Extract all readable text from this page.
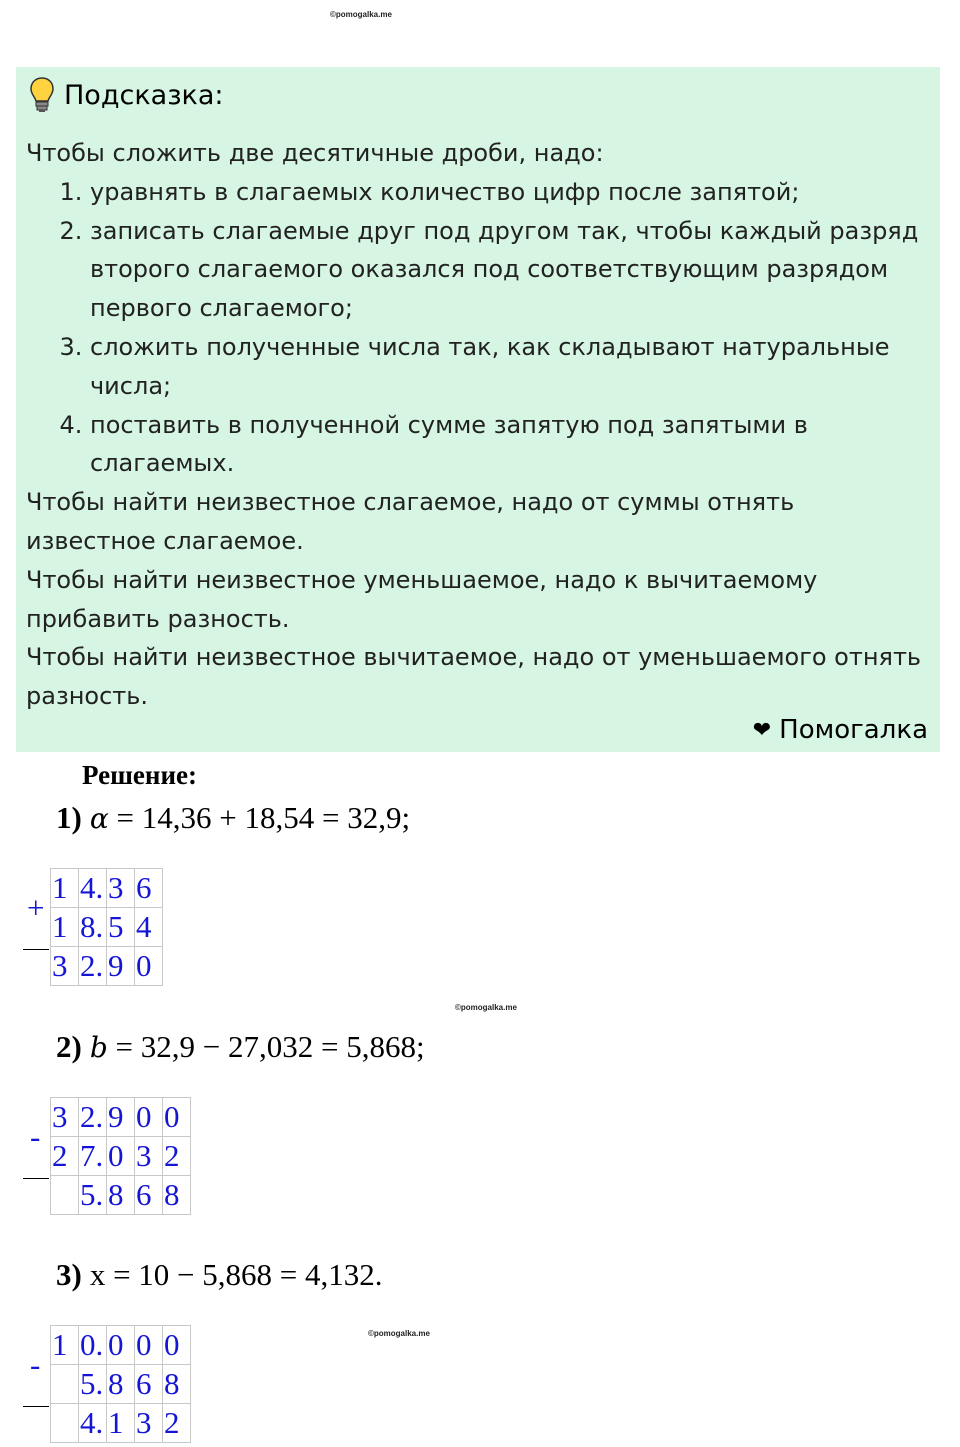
©pomogalka.me
Подсказка:

Чтобы сложить две десятичные дроби, надо:

1. уравнять в слагаемых количество цифр после запятой;
2. записать слагаемые друг под другом так, чтобы каждый разряд второго слагаемого оказался под соответствующим разрядом первого слагаемого;
3. сложить полученные числа так, как складывают натуральные числа;
4. поставить в полученной сумме запятую под запятыми в слагаемых.

Чтобы найти неизвестное слагаемое, надо от суммы отнять известное слагаемое.

Чтобы найти неизвестное уменьшаемое, надо к вычитаемому прибавить разность.

Чтобы найти неизвестное вычитаемое, надо от уменьшаемого отнять разность.

❤ Помогалка
Решение:
1) α = 14,36 + 18,54 = 32,9;
+
1	4.	3	6
1	8.	5	4
3	2.	9	0
©pomogalka.me
2) b = 32,9 − 27,032 = 5,868;
-
3	2.	9	0	0
2	7.	0	3	2
	5.	8	6	8
3) x = 10 − 5,868 = 4,132.
©pomogalka.me
-
1	0.	0	0	0
	5.	8	6	8
	4.	1	3	2
